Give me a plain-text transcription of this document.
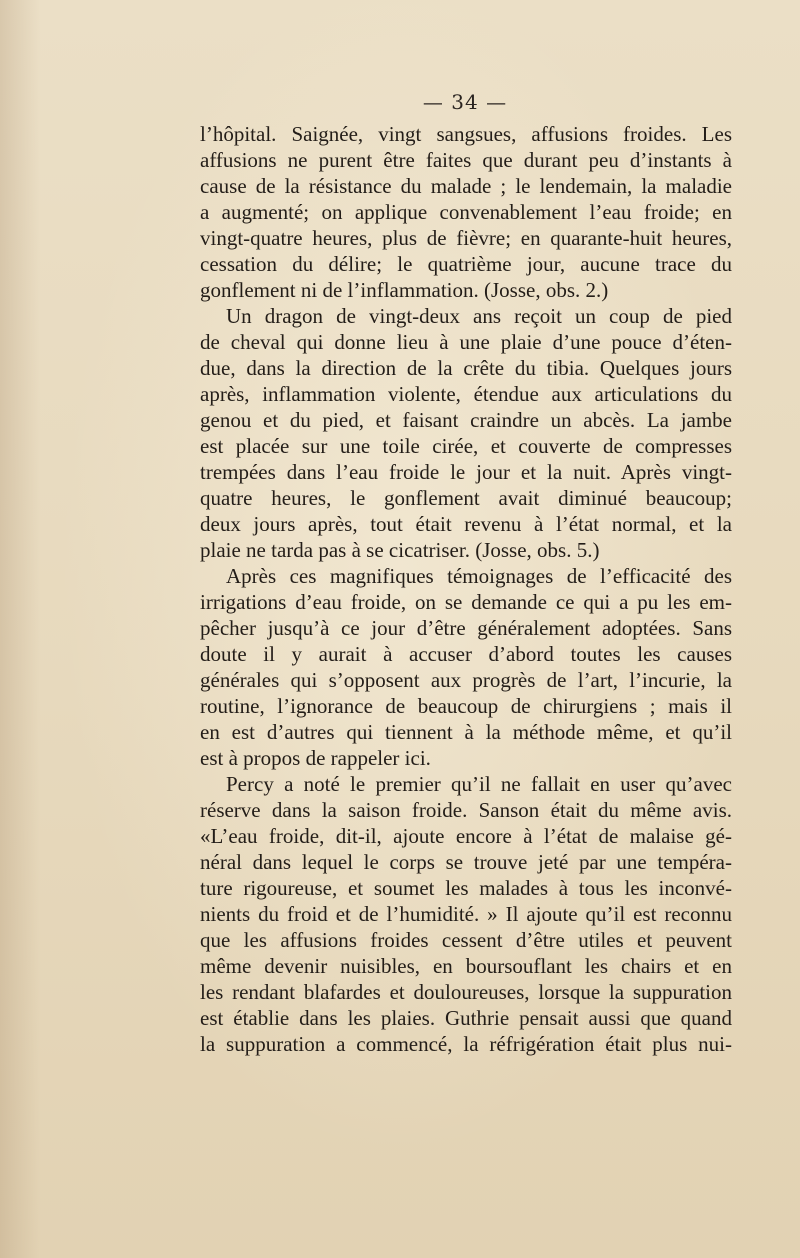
— 34 —
l’hôpital. Saignée, vingt sangsues, affusions froides. Les
affusions ne purent être faites que durant peu d’instants à
cause de la résistance du malade ; le lendemain, la maladie
a augmenté; on applique convenablement l’eau froide; en
vingt-quatre heures, plus de fièvre; en quarante-huit heures,
cessation du délire; le quatrième jour, aucune trace du
gonflement ni de l’inflammation. (Josse, obs. 2.)
Un dragon de vingt-deux ans reçoit un coup de pied
de cheval qui donne lieu à une plaie d’une pouce d’éten-
due, dans la direction de la crête du tibia. Quelques jours
après, inflammation violente, étendue aux articulations du
genou et du pied, et faisant craindre un abcès. La jambe
est placée sur une toile cirée, et couverte de compresses
trempées dans l’eau froide le jour et la nuit. Après vingt-
quatre heures, le gonflement avait diminué beaucoup;
deux jours après, tout était revenu à l’état normal, et la
plaie ne tarda pas à se cicatriser. (Josse, obs. 5.)
Après ces magnifiques témoignages de l’efficacité des
irrigations d’eau froide, on se demande ce qui a pu les em-
pêcher jusqu’à ce jour d’être généralement adoptées. Sans
doute il y aurait à accuser d’abord toutes les causes
générales qui s’opposent aux progrès de l’art, l’incurie, la
routine, l’ignorance de beaucoup de chirurgiens ; mais il
en est d’autres qui tiennent à la méthode même, et qu’il
est à propos de rappeler ici.
Percy a noté le premier qu’il ne fallait en user qu’avec
réserve dans la saison froide. Sanson était du même avis.
«L’eau froide, dit-il, ajoute encore à l’état de malaise gé-
néral dans lequel le corps se trouve jeté par une tempéra-
ture rigoureuse, et soumet les malades à tous les inconvé-
nients du froid et de l’humidité. » Il ajoute qu’il est reconnu
que les affusions froides cessent d’être utiles et peuvent
même devenir nuisibles, en boursouflant les chairs et en
les rendant blafardes et douloureuses, lorsque la suppuration
est établie dans les plaies. Guthrie pensait aussi que quand
la suppuration a commencé, la réfrigération était plus nui-
